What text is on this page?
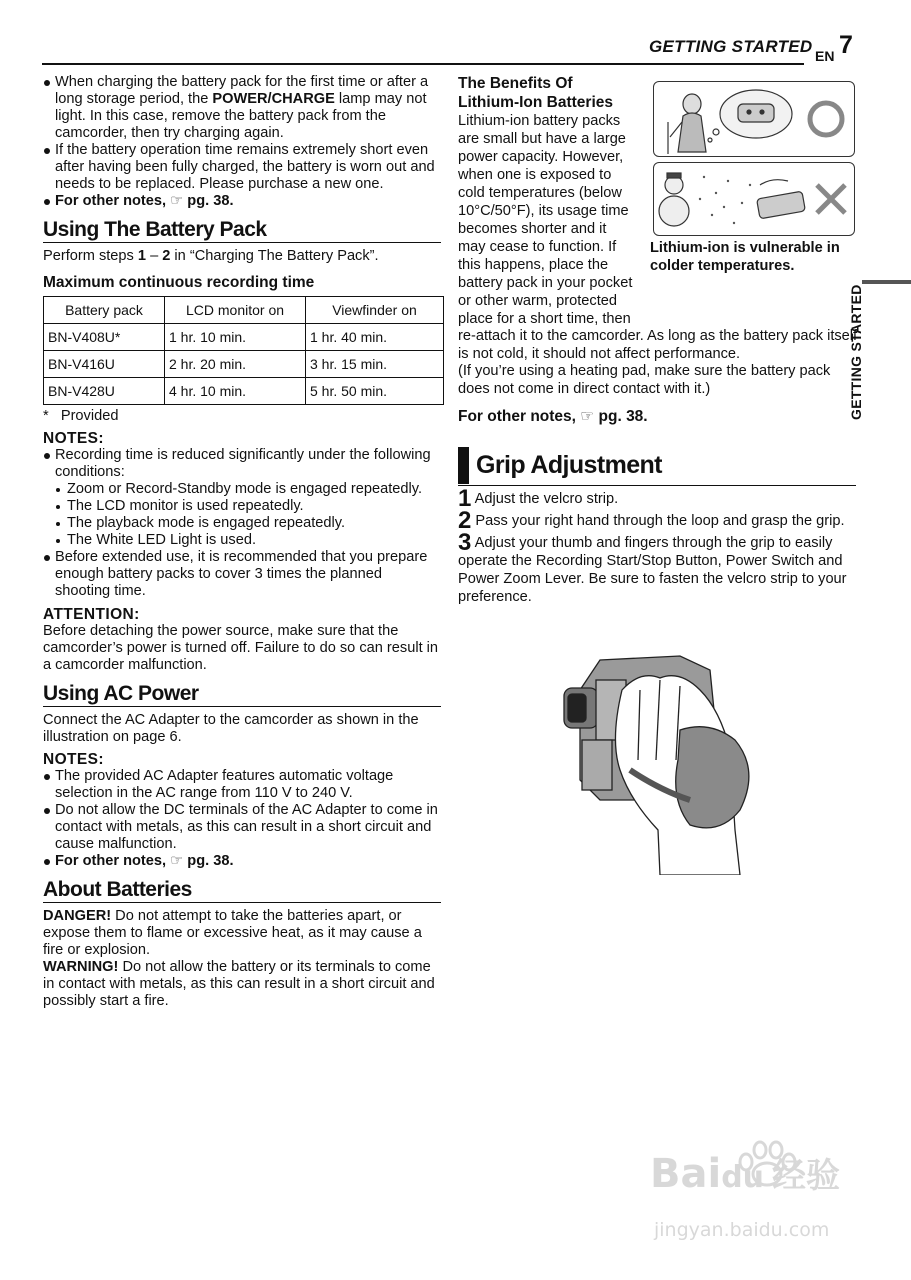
GETTING STARTED EN 7
GETTING STARTED
When charging the battery pack for the first time or after a long storage period, the POWER/CHARGE lamp may not light. In this case, remove the battery pack from the camcorder, then try charging again.
If the battery operation time remains extremely short even after having been fully charged, the battery is worn out and needs to be replaced. Please purchase a new one.
For other notes, ☞ pg. 38.
Using The Battery Pack
Perform steps 1 – 2 in “Charging The Battery Pack”.
Maximum continuous recording time
Battery pack	LCD monitor on	Viewfinder on
BN-V408U*	1 hr. 10 min.	1 hr. 40 min.
BN-V416U	2 hr. 20 min.	3 hr. 15 min.
BN-V428U	4 hr. 10 min.	5 hr. 50 min.
*   Provided
NOTES:
Recording time is reduced significantly under the following conditions:
Zoom or Record-Standby mode is engaged repeatedly.
The LCD monitor is used repeatedly.
The playback mode is engaged repeatedly.
The White LED Light is used.
Before extended use, it is recommended that you prepare enough battery packs to cover 3 times the planned shooting time.
ATTENTION:
Before detaching the power source, make sure that the camcorder’s power is turned off. Failure to do so can result in a camcorder malfunction.
Using AC Power
Connect the AC Adapter to the camcorder as shown in the illustration on page 6.
NOTES:
The provided AC Adapter features automatic voltage selection in the AC range from 110 V to 240 V.
Do not allow the DC terminals of the AC Adapter to come in contact with metals, as this can result in a short circuit and cause malfunction.
For other notes, ☞ pg. 38.
About Batteries
DANGER! Do not attempt to take the batteries apart, or expose them to flame or excessive heat, as it may cause a fire or explosion.
WARNING! Do not allow the battery or its terminals to come in contact with metals, as this can result in a short circuit and possibly start a fire.
The Benefits Of
Lithium-Ion Batteries
Lithium-ion battery packs
are small but have a large
power capacity. However,
when one is exposed to
cold temperatures (below
10°C/50°F), its usage time
becomes shorter and it
may cease to function. If
this happens, place the
battery pack in your pocket
or other warm, protected
place for a short time, then
re-attach it to the camcorder. As long as the battery pack itself is not cold, it should not affect performance.
(If you’re using a heating pad, make sure the battery pack does not come in direct contact with it.)
Lithium-ion is vulnerable in colder temperatures.
For other notes, ☞ pg. 38.
Grip Adjustment
1 Adjust the velcro strip.
2 Pass your right hand through the loop and grasp the grip.
3 Adjust your thumb and fingers through the grip to easily operate the Recording Start/Stop Button, Power Switch and Power Zoom Lever. Be sure to fasten the velcro strip to your preference.
Baidu 经验
jingyan.baidu.com
